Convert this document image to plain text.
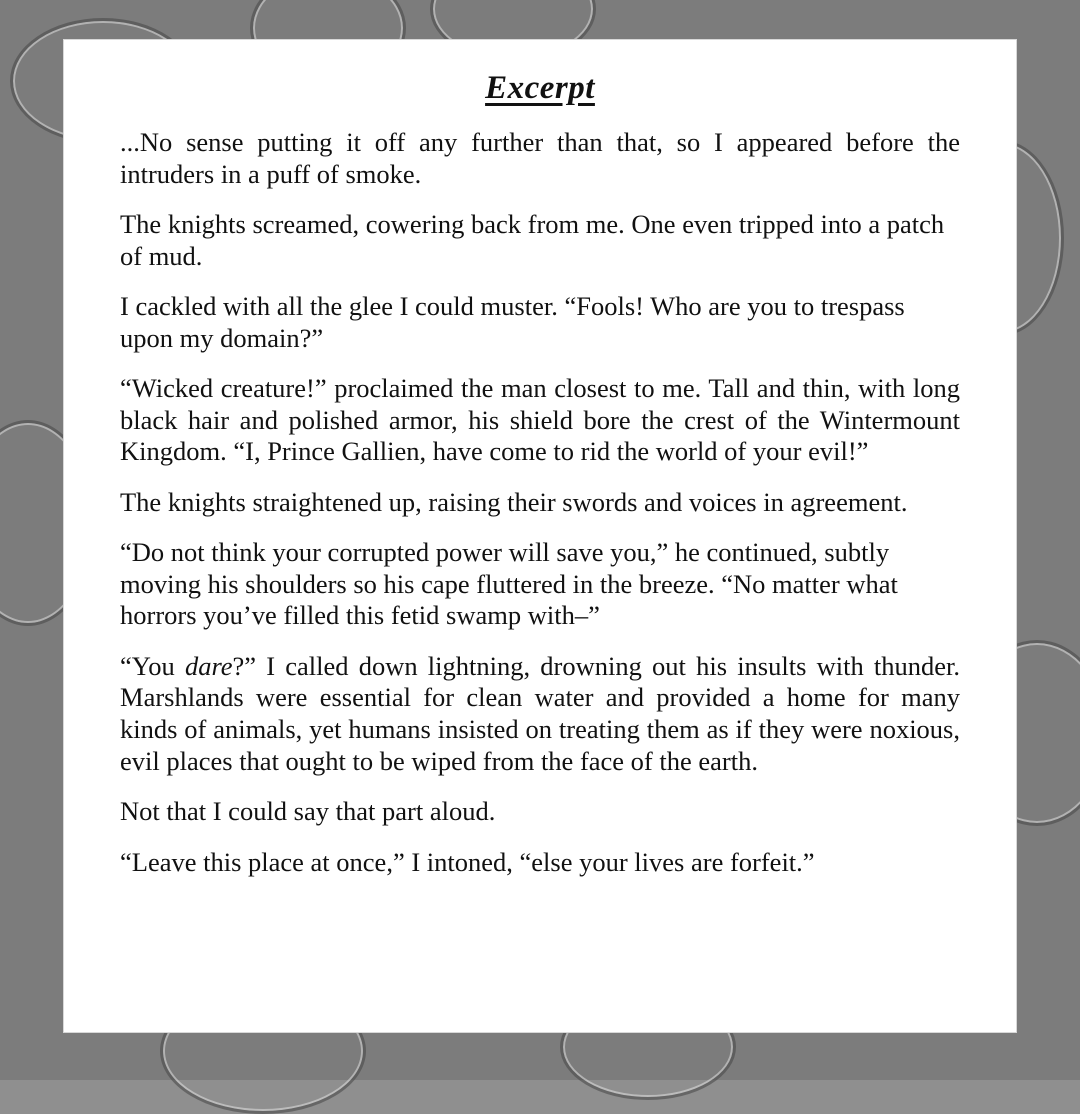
Excerpt

...No sense putting it off any further than that, so I appeared before the intruders in a puff of smoke.

The knights screamed, cowering back from me. One even tripped into a patch of mud.

I cackled with all the glee I could muster. “Fools! Who are you to trespass upon my domain?”

“Wicked creature!” proclaimed the man closest to me. Tall and thin, with long black hair and polished armor, his shield bore the crest of the Wintermount Kingdom. “I, Prince Gallien, have come to rid the world of your evil!”

The knights straightened up, raising their swords and voices in agreement.

“Do not think your corrupted power will save you,” he continued, subtly moving his shoulders so his cape fluttered in the breeze. “No matter what horrors you’ve filled this fetid swamp with–”

“You dare?” I called down lightning, drowning out his insults with thunder. Marshlands were essential for clean water and provided a home for many kinds of animals, yet humans insisted on treating them as if they were noxious, evil places that ought to be wiped from the face of the earth.

Not that I could say that part aloud.

“Leave this place at once,” I intoned, “else your lives are forfeit.”
